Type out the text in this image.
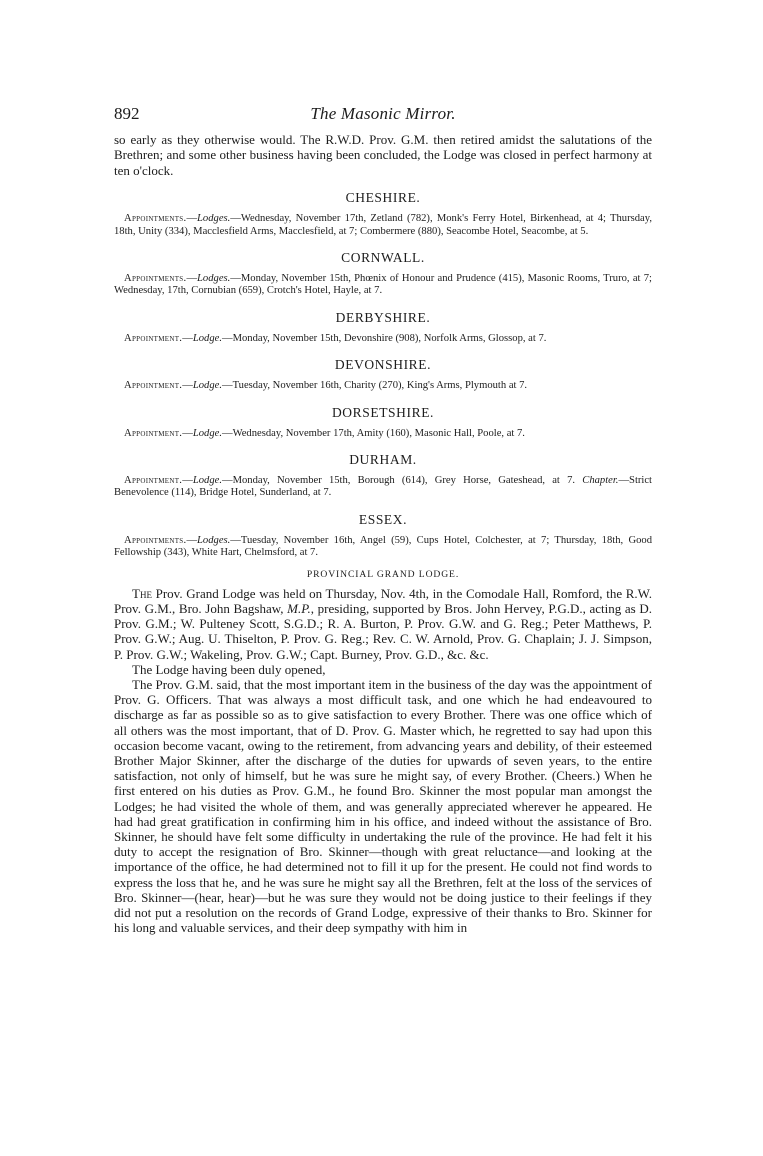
892	The Masonic Mirror.

so early as they otherwise would. The R.W.D. Prov. G.M. then retired amidst the salutations of the Brethren; and some other business having been concluded, the Lodge was closed in perfect harmony at ten o'clock.

CHESHIRE.

Appointments.—Lodges.—Wednesday, November 17th, Zetland (782), Monk's Ferry Hotel, Birkenhead, at 4; Thursday, 18th, Unity (334), Macclesfield Arms, Macclesfield, at 7; Combermere (880), Seacombe Hotel, Seacombe, at 5.

CORNWALL.

Appointments.—Lodges.—Monday, November 15th, Phœnix of Honour and Prudence (415), Masonic Rooms, Truro, at 7; Wednesday, 17th, Cornubian (659), Crotch's Hotel, Hayle, at 7.

DERBYSHIRE.

Appointment.—Lodge.—Monday, November 15th, Devonshire (908), Norfolk Arms, Glossop, at 7.

DEVONSHIRE.

Appointment.—Lodge.—Tuesday, November 16th, Charity (270), King's Arms, Plymouth at 7.

DORSETSHIRE.

Appointment.—Lodge.—Wednesday, November 17th, Amity (160), Masonic Hall, Poole, at 7.

DURHAM.

Appointment.—Lodge.—Monday, November 15th, Borough (614), Grey Horse, Gateshead, at 7. Chapter.—Strict Benevolence (114), Bridge Hotel, Sunderland, at 7.

ESSEX.

Appointments.—Lodges.—Tuesday, November 16th, Angel (59), Cups Hotel, Colchester, at 7; Thursday, 18th, Good Fellowship (343), White Hart, Chelmsford, at 7.

PROVINCIAL GRAND LODGE.

The Prov. Grand Lodge was held on Thursday, Nov. 4th, in the Comodale Hall, Romford, the R.W. Prov. G.M., Bro. John Bagshaw, M.P., presiding, supported by Bros. John Hervey, P.G.D., acting as D. Prov. G.M.; W. Pulteney Scott, S.G.D.; R. A. Burton, P. Prov. G.W. and G. Reg.; Peter Matthews, P. Prov. G.W.; Aug. U. Thiselton, P. Prov. G. Reg.; Rev. C. W. Arnold, Prov. G. Chaplain; J. J. Simpson, P. Prov. G.W.; Wakeling, Prov. G.W.; Capt. Burney, Prov. G.D., &c. &c.

The Lodge having been duly opened,

The Prov. G.M. said, that the most important item in the business of the day was the appointment of Prov. G. Officers. That was always a most difficult task, and one which he had endeavoured to discharge as far as possible so as to give satisfaction to every Brother. There was one office which of all others was the most important, that of D. Prov. G. Master which, he regretted to say had upon this occasion become vacant, owing to the retirement, from advancing years and debility, of their esteemed Brother Major Skinner, after the discharge of the duties for upwards of seven years, to the entire satisfaction, not only of himself, but he was sure he might say, of every Brother. (Cheers.) When he first entered on his duties as Prov. G.M., he found Bro. Skinner the most popular man amongst the Lodges; he had visited the whole of them, and was generally appreciated wherever he appeared. He had had great gratification in confirming him in his office, and indeed without the assistance of Bro. Skinner, he should have felt some difficulty in undertaking the rule of the province. He had felt it his duty to accept the resignation of Bro. Skinner—though with great reluctance—and looking at the importance of the office, he had determined not to fill it up for the present. He could not find words to express the loss that he, and he was sure he might say all the Brethren, felt at the loss of the services of Bro. Skinner—(hear, hear)—but he was sure they would not be doing justice to their feelings if they did not put a resolution on the records of Grand Lodge, expressive of their thanks to Bro. Skinner for his long and valuable services, and their deep sympathy with him in
